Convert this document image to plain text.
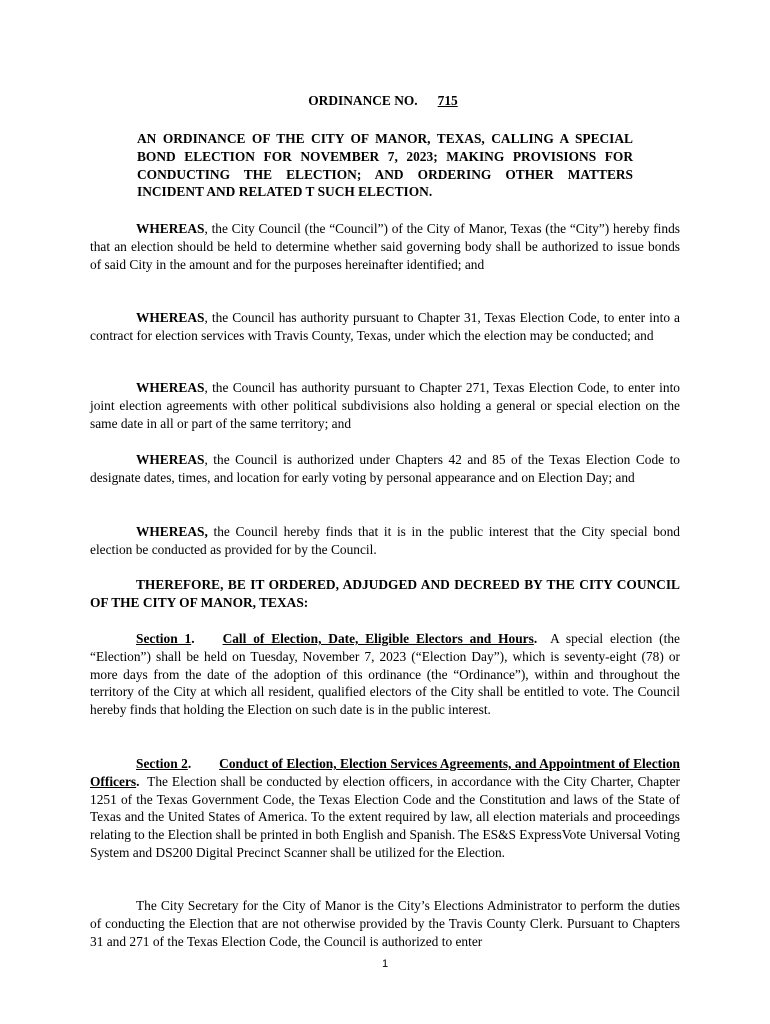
ORDINANCE NO. 715
AN ORDINANCE OF THE CITY OF MANOR, TEXAS, CALLING A SPECIAL BOND ELECTION FOR NOVEMBER 7, 2023; MAKING PROVISIONS FOR CONDUCTING THE ELECTION; AND ORDERING OTHER MATTERS INCIDENT AND RELATED T SUCH ELECTION.
WHEREAS, the City Council (the “Council”) of the City of Manor, Texas (the “City”) hereby finds that an election should be held to determine whether said governing body shall be authorized to issue bonds of said City in the amount and for the purposes hereinafter identified; and
WHEREAS, the Council has authority pursuant to Chapter 31, Texas Election Code, to enter into a contract for election services with Travis County, Texas, under which the election may be conducted; and
WHEREAS, the Council has authority pursuant to Chapter 271, Texas Election Code, to enter into joint election agreements with other political subdivisions also holding a general or special election on the same date in all or part of the same territory; and
WHEREAS, the Council is authorized under Chapters 42 and 85 of the Texas Election Code to designate dates, times, and location for early voting by personal appearance and on Election Day; and
WHEREAS, the Council hereby finds that it is in the public interest that the City special bond election be conducted as provided for by the Council.
THEREFORE, BE IT ORDERED, ADJUDGED AND DECREED BY THE CITY COUNCIL OF THE CITY OF MANOR, TEXAS:
Section 1. Call of Election, Date, Eligible Electors and Hours. A special election (the “Election”) shall be held on Tuesday, November 7, 2023 (“Election Day”), which is seventy-eight (78) or more days from the date of the adoption of this ordinance (the “Ordinance”), within and throughout the territory of the City at which all resident, qualified electors of the City shall be entitled to vote. The Council hereby finds that holding the Election on such date is in the public interest.
Section 2. Conduct of Election, Election Services Agreements, and Appointment of Election Officers. The Election shall be conducted by election officers, in accordance with the City Charter, Chapter 1251 of the Texas Government Code, the Texas Election Code and the Constitution and laws of the State of Texas and the United States of America. To the extent required by law, all election materials and proceedings relating to the Election shall be printed in both English and Spanish. The ES&S ExpressVote Universal Voting System and DS200 Digital Precinct Scanner shall be utilized for the Election.
The City Secretary for the City of Manor is the City’s Elections Administrator to perform the duties of conducting the Election that are not otherwise provided by the Travis County Clerk. Pursuant to Chapters 31 and 271 of the Texas Election Code, the Council is authorized to enter
1
